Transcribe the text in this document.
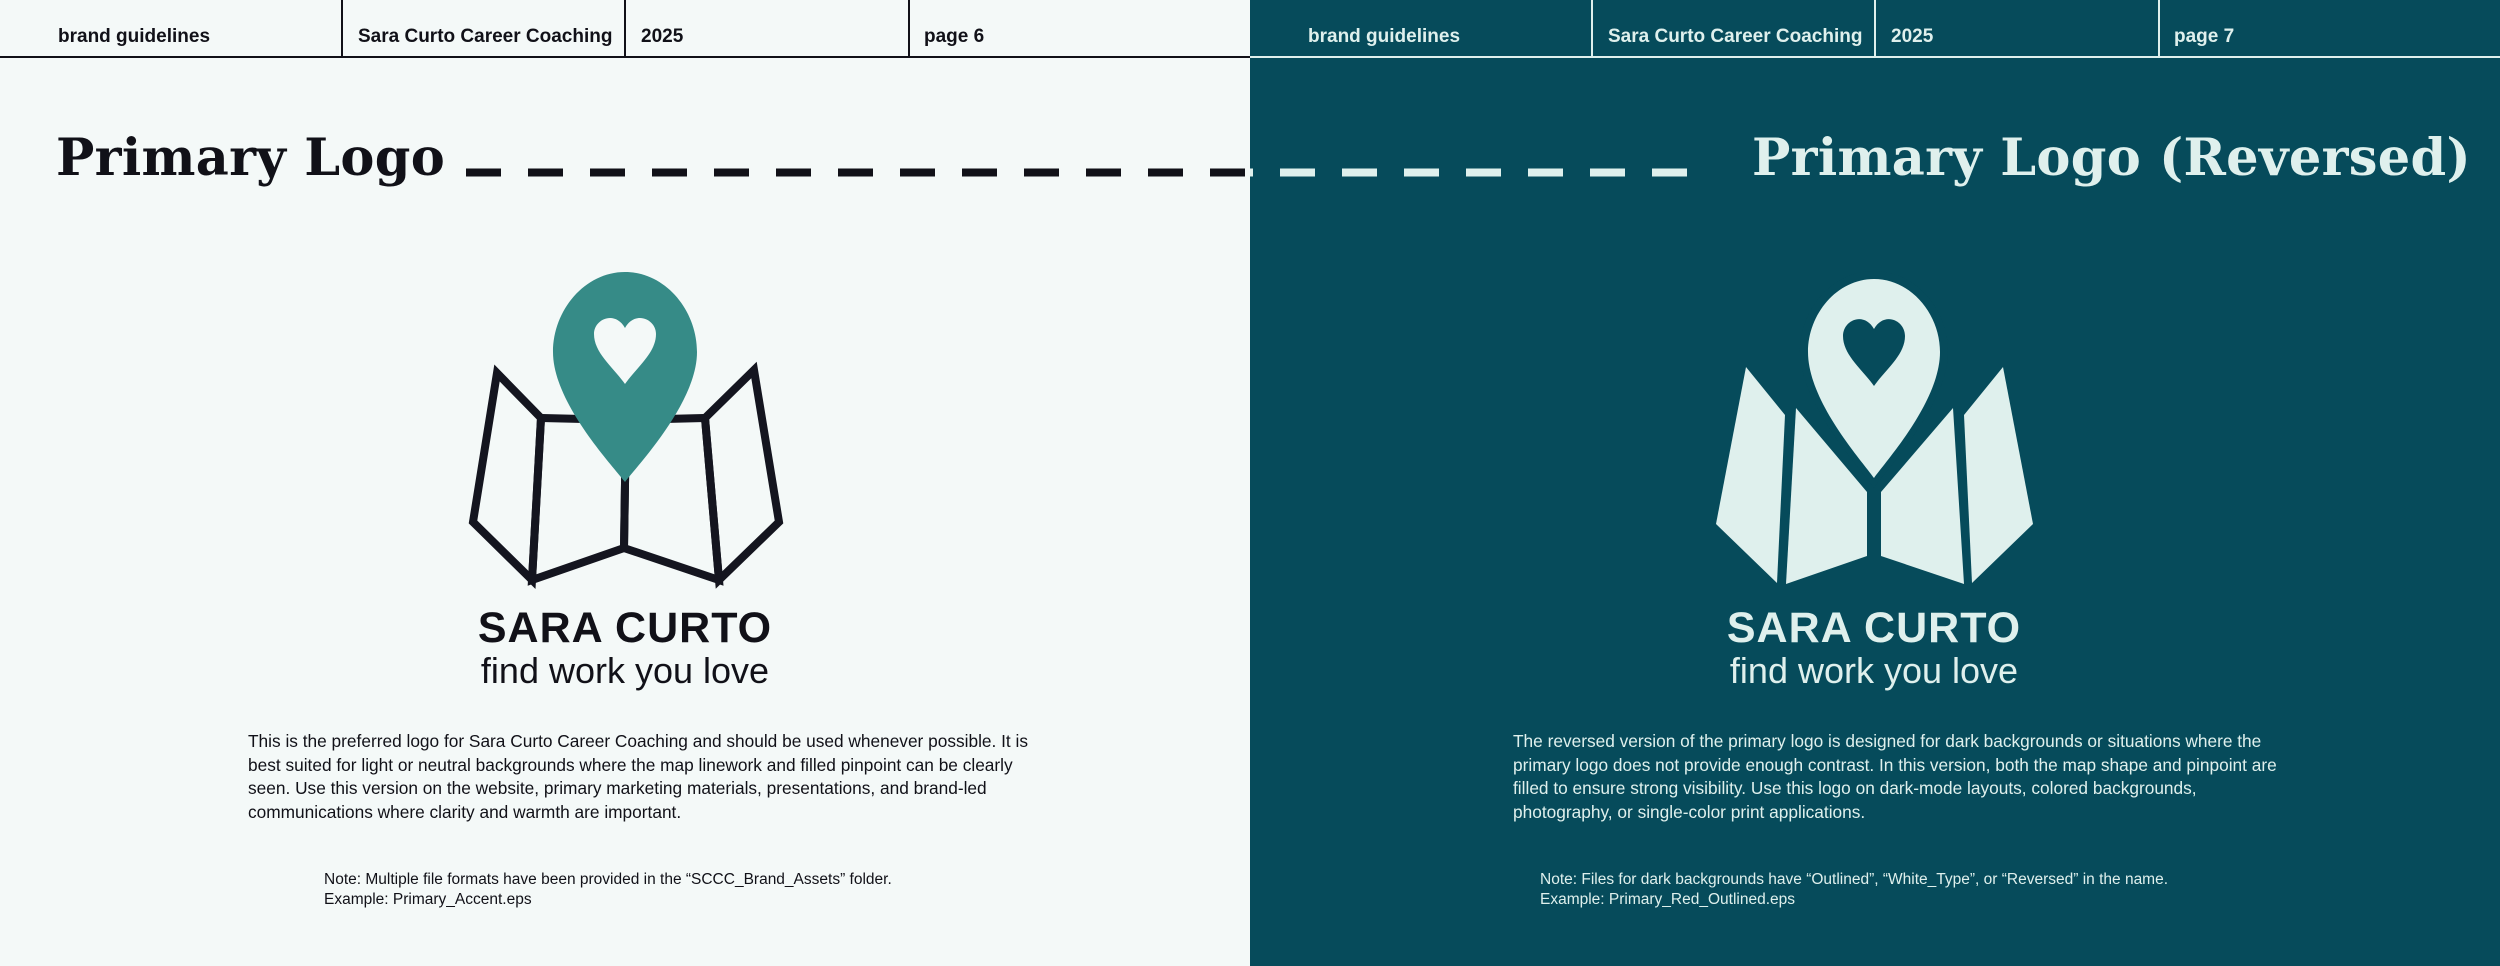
brand guidelines	Sara Curto Career Coaching 2025	page 6
Primary Logo
SARA CURTO
find work you love
This is the preferred logo for Sara Curto Career Coaching and should be used whenever possible. It is best suited for light or neutral backgrounds where the map linework and filled pinpoint can be clearly seen. Use this version on the website, primary marketing materials, presentations, and brand-led communications where clarity and warmth are important.
Note: Multiple file formats have been provided in the “SCCC_Brand_Assets” folder.
Example: Primary_Accent.eps
brand guidelines	Sara Curto Career Coaching 2025	page 7
Primary Logo (Reversed)
SARA CURTO
find work you love
The reversed version of the primary logo is designed for dark backgrounds or situations where the primary logo does not provide enough contrast. In this version, both the map shape and pinpoint are filled to ensure strong visibility. Use this logo on dark-mode layouts, colored backgrounds, photography, or single-color print applications.
Note: Files for dark backgrounds have “Outlined”, “White_Type”, or “Reversed” in the name.
Example: Primary_Red_Outlined.eps
